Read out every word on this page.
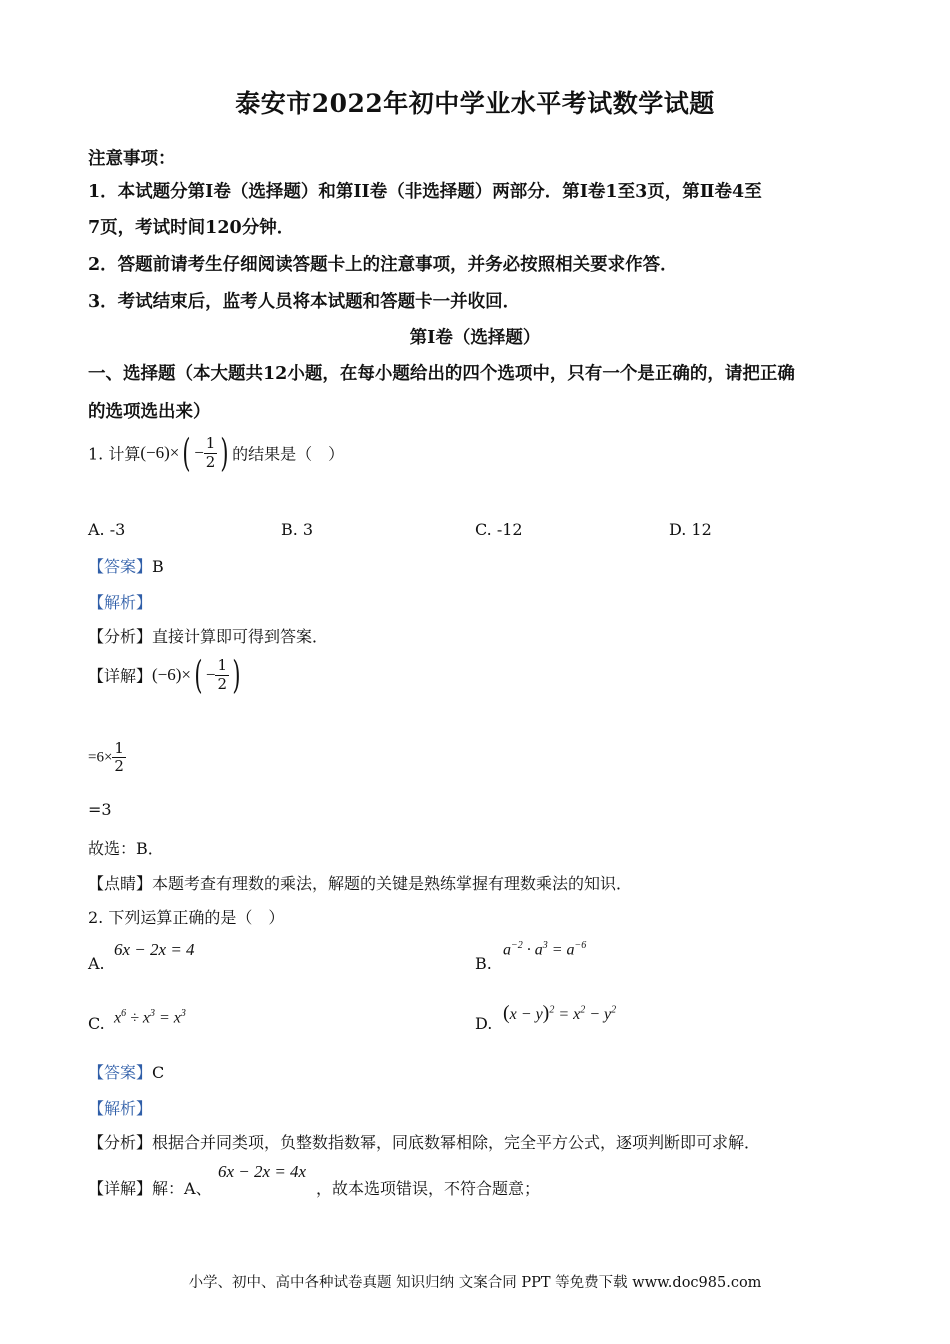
泰安市2022年初中学业水平考试数学试题
注意事项：
1．本试题分第Ⅰ卷（选择题）和第II卷（非选择题）两部分．第Ⅰ卷1至3页，第Ⅱ卷4至
7页，考试时间120分钟．
2．答题前请考生仔细阅读答题卡上的注意事项，并务必按照相关要求作答．
3．考试结束后，监考人员将本试题和答题卡一并收回．
第Ⅰ卷（选择题）
一、选择题（本大题共12小题，在每小题给出的四个选项中，只有一个是正确的，请把正确
的选项选出来）
1. 计算$(-6)\times( - \frac{1}{2}$ ) 的结果是（　）
A. -3	B. 3	C. -12	D. 12
【答案】B
【解析】
【分析】直接计算即可得到答案．
【详解】$(-6)\times( - \frac{1}{2}$ )
$=6\times \frac{1}{2}$
=3
故选：B．
【点睛】本题考查有理数的乘法，解题的关键是熟练掌握有理数乘法的知识．
2. 下列运算正确的是（　）
A.
6x − 2x = 4
B.
$a^{-2} \cdot a^3 = a^{-6}$
C. $x^6 \div x^3 = x^3$
D. $(x - y)^2 = x^2 - y^2$
【答案】C
【解析】
【分析】根据合并同类项，负整数指数幂，同底数幂相除，完全平方公式，逐项判断即可求解．
【详解】解：A、
6x − 2x = 4x
，故本选项错误，不符合题意；
小学、初中、高中各种试卷真题 知识归纳 文案合同 PPT 等免费下载 www.doc985.com
